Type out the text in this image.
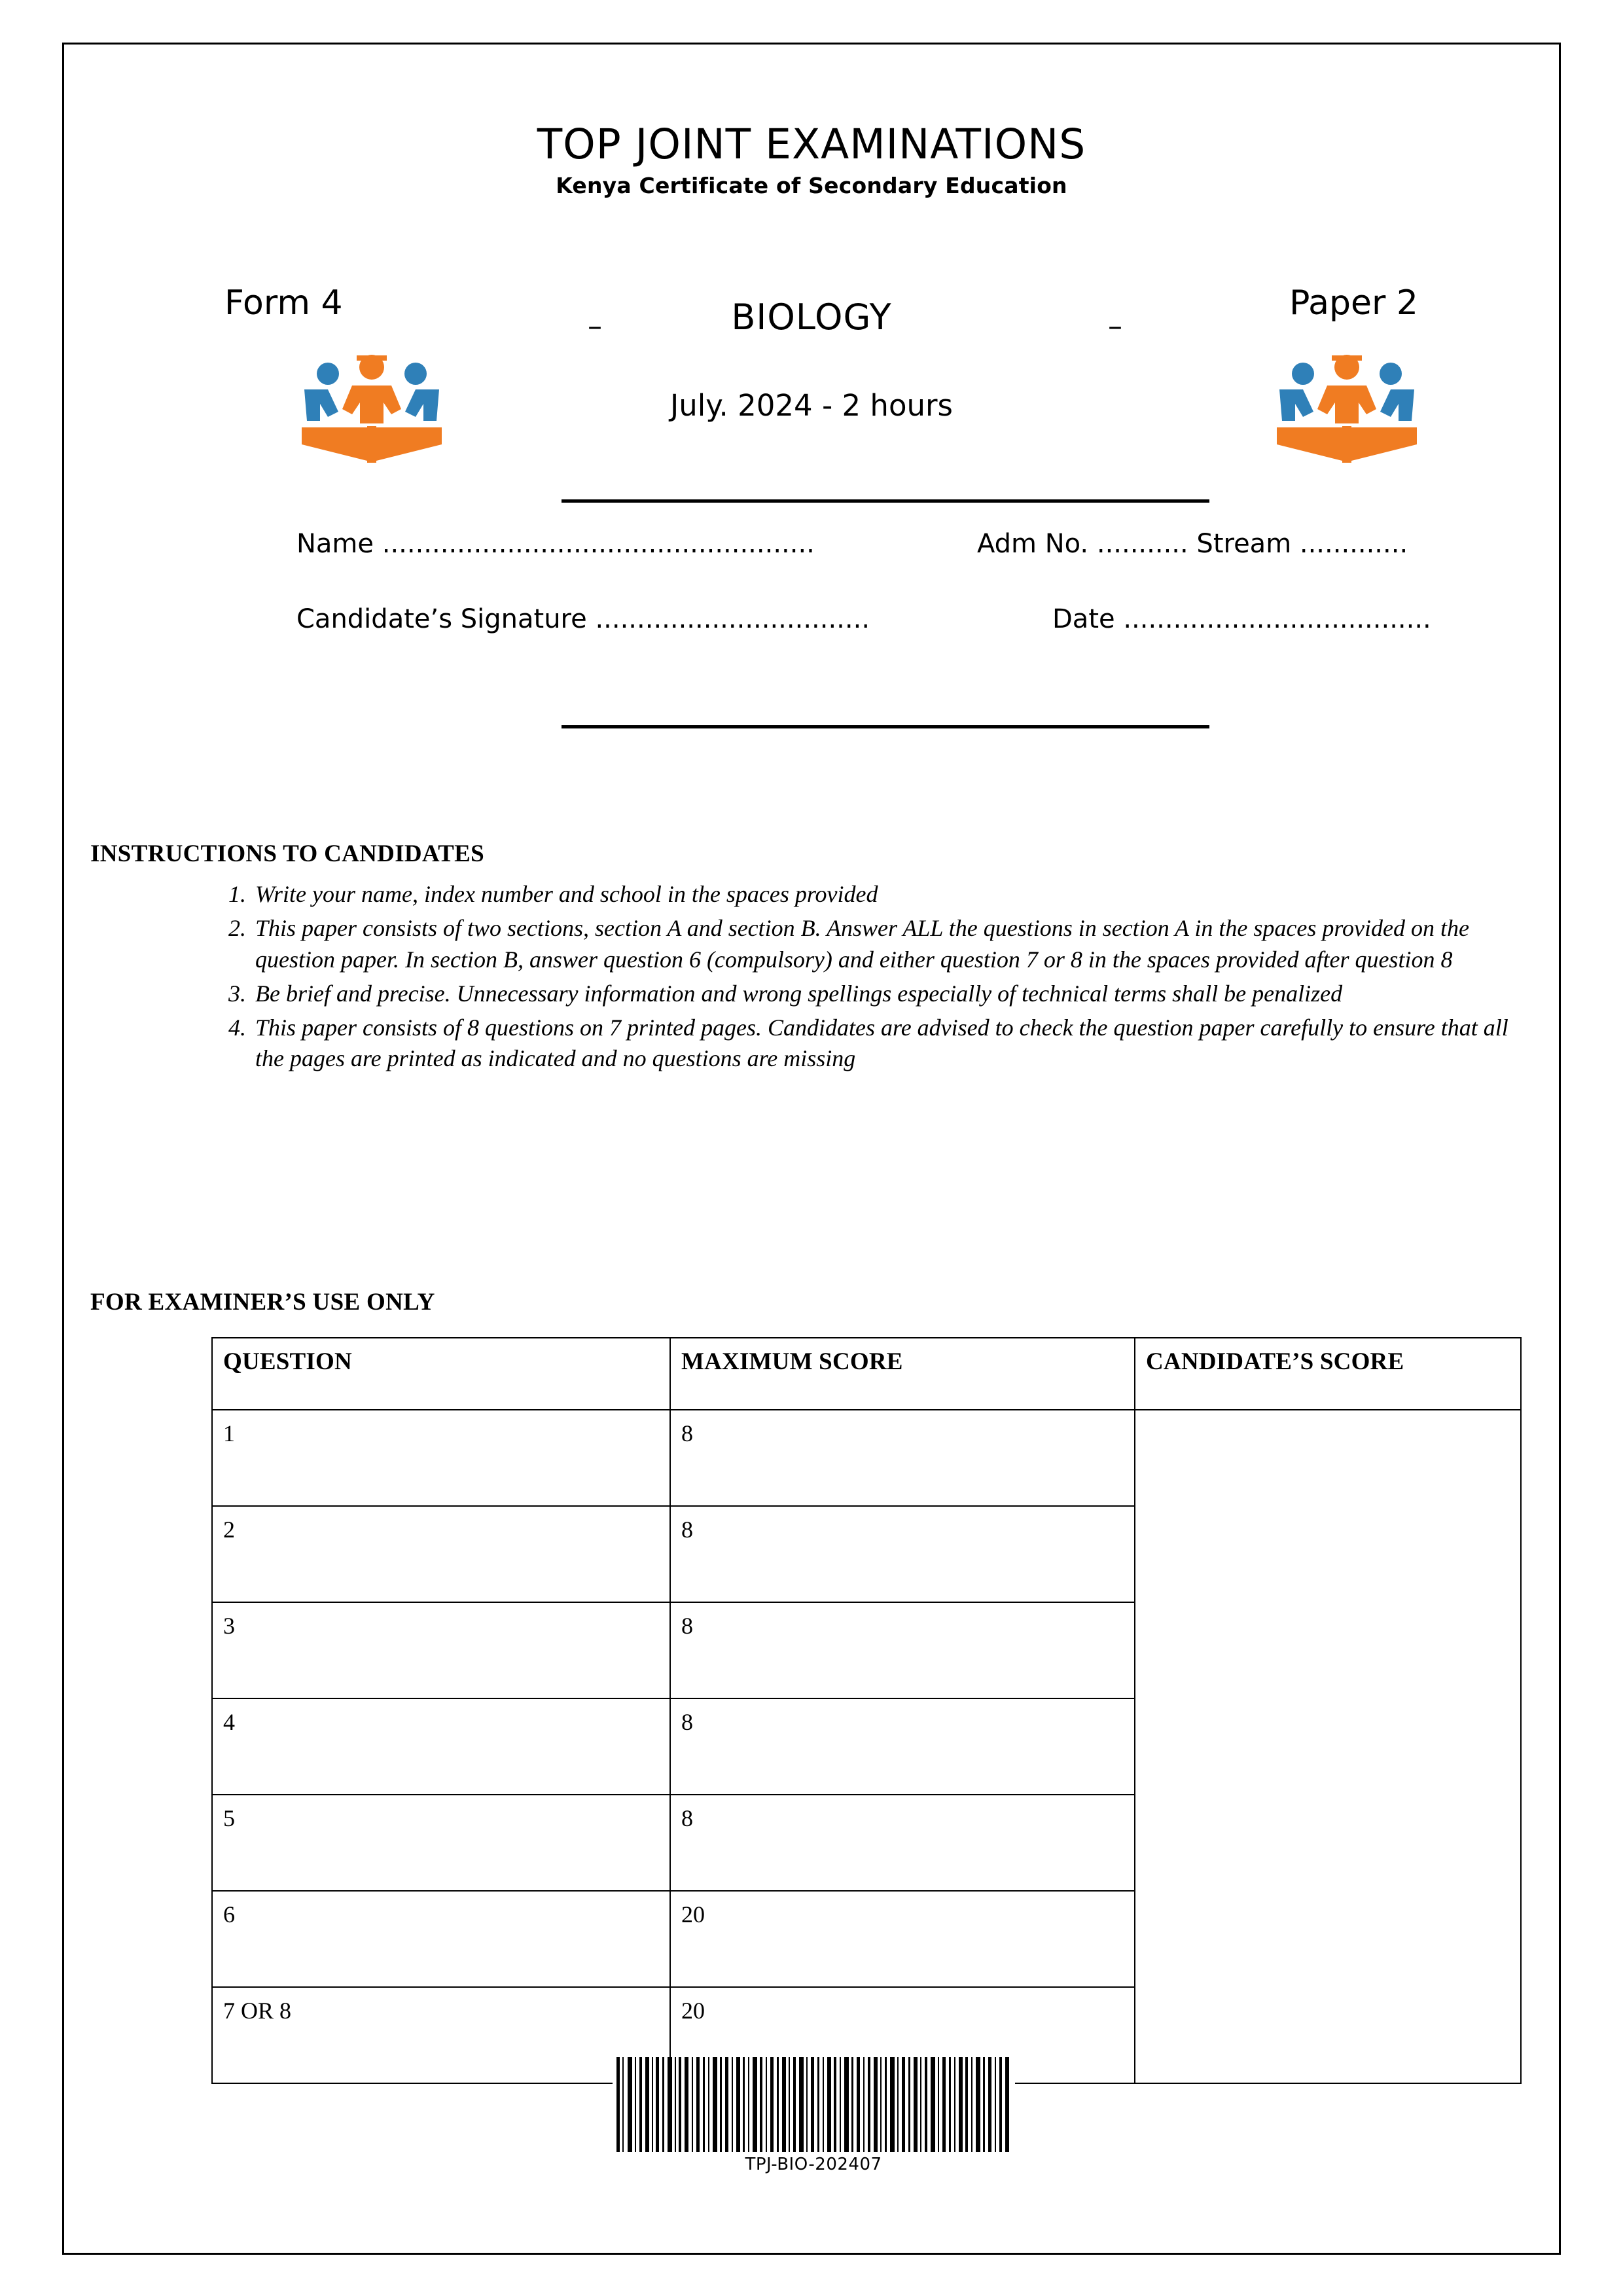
TOP JOINT EXAMINATIONS
Kenya Certificate of Secondary Education
Form 4
–	BIOLOGY	–
Paper 2
July. 2024 - 2 hours
Name ....................................................	Adm No. ........... Stream .............
Candidate’s Signature .................................	Date .....................................
INSTRUCTIONS TO CANDIDATES
1. Write your name, index number and school in the spaces provided
2. This paper consists of two sections, section A and section B. Answer ALL the questions in section A in the spaces provided on the question paper. In section B, answer question 6 (compulsory) and either question 7 or 8 in the spaces provided after question 8
3. Be brief and precise. Unnecessary information and wrong spellings especially of technical terms shall be penalized
4. This paper consists of 8 questions on 7 printed pages. Candidates are advised to check the question paper carefully to ensure that all the pages are printed as indicated and no questions are missing
FOR EXAMINER’S USE ONLY
QUESTION	MAXIMUM SCORE	CANDIDATE’S SCORE
1	8	
2	8	
3	8	
4	8	
5	8	
6	20	
7 OR 8	20	
TPJ-BIO-202407
